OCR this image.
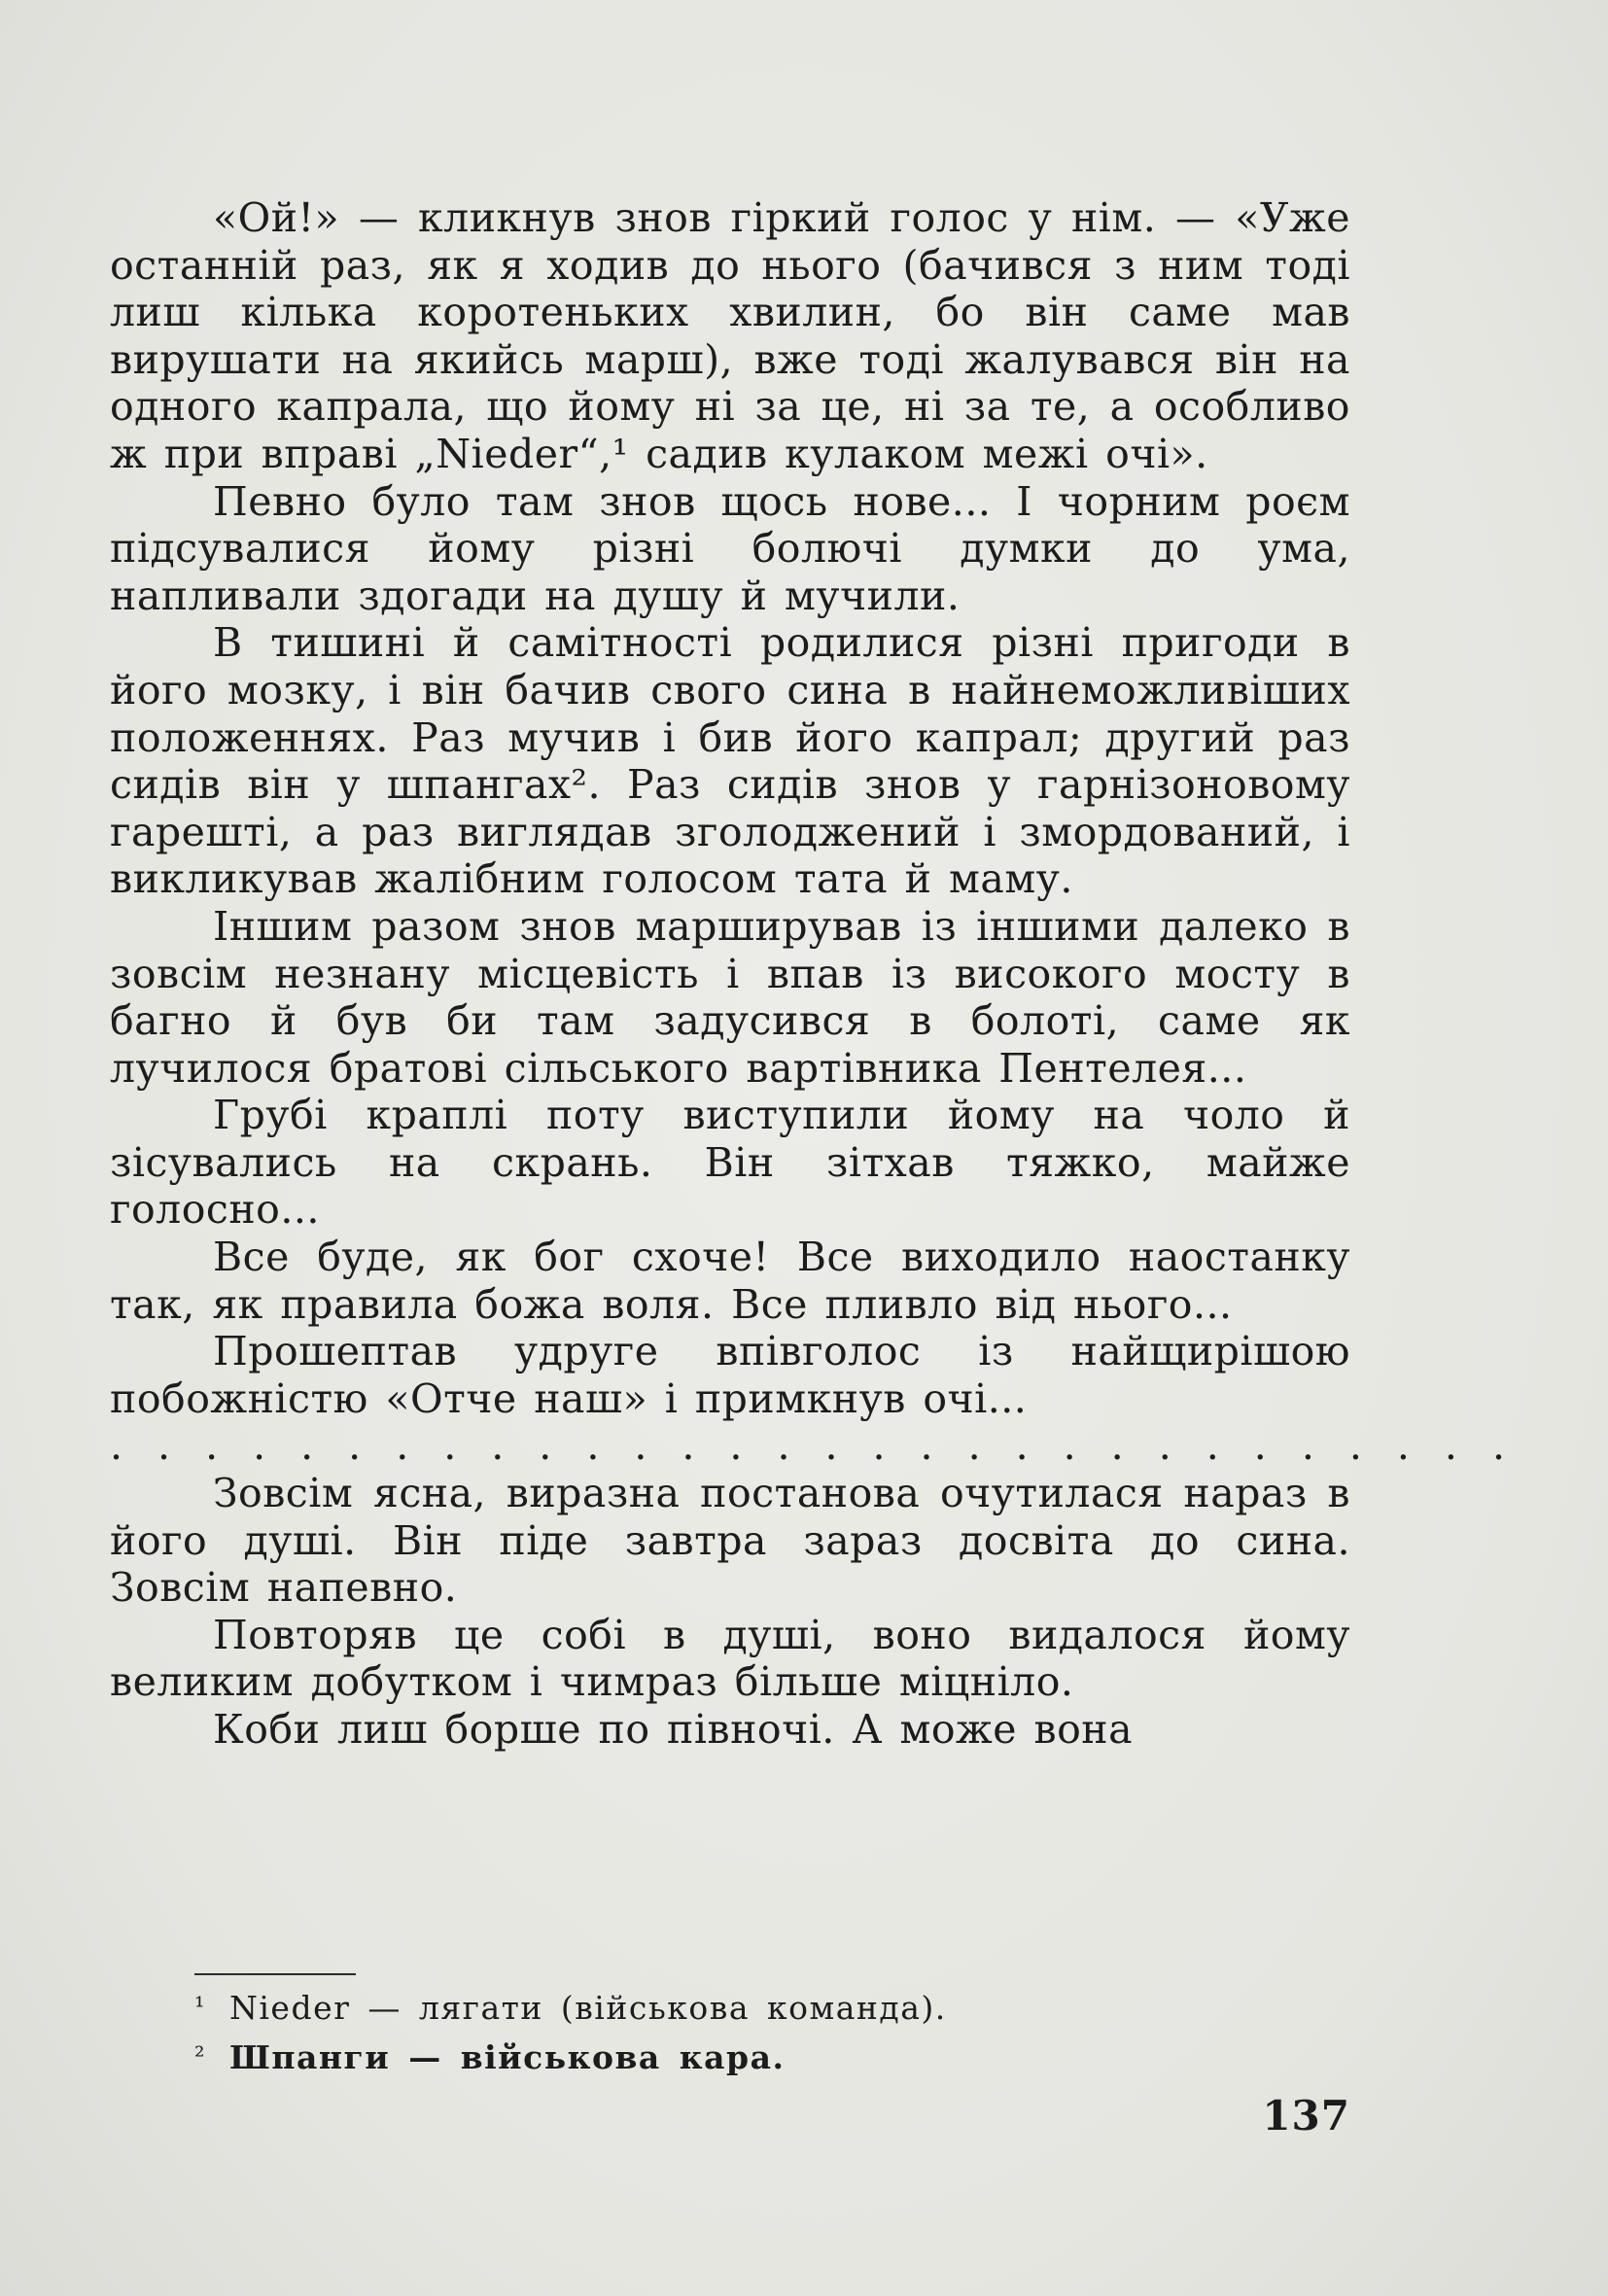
«Ой!» — кликнув знов гіркий голос у нім. — «Уже останній раз, як я ходив до нього (бачився з ним тоді лиш кілька коротеньких хвилин, бо він саме мав вирушати на якийсь марш), вже тоді жалувався він на одного капрала, що йому ні за це, ні за те, а особливо ж при вправі „Nieder“,¹ садив кулаком межі очі».

Певно було там знов щось нове... І чорним роєм підсувалися йому різні болючі думки до ума, напливали здогади на душу й мучили.

В тишині й самітності родилися різні пригоди в його мозку, і він бачив свого сина в найнеможливіших положеннях. Раз мучив і бив його капрал; другий раз сидів він у шпангах². Раз сидів знов у гарнізоновому гарешті, а раз виглядав зголоджений і змордований, і викликував жалібним голосом тата й маму.

Іншим разом знов марширував із іншими далеко в зовсім незнану місцевість і впав із високого мосту в багно й був би там задусився в болоті, саме як лучилося братові сільського вартівника Пентелея...

Грубі краплі поту виступили йому на чоло й зісувались на скрань. Він зітхав тяжко, майже голосно...

Все буде, як бог схоче! Все виходило наостанку так, як правила божа воля. Все пливло від нього...

Прошептав удруге впівголос із найщирішою побожністю «Отче наш» і примкнув очі...

..............................

Зовсім ясна, виразна постанова очутилася нараз в його душі. Він піде завтра зараз досвіта до сина. Зовсім напевно.

Повторяв це собі в душі, воно видалося йому великим добутком і чимраз більше міцніло.

Коби лиш борше по півночі. А може вона

¹ Nieder — лягати (військова команда).

² Шпанги — військова кара.

137
